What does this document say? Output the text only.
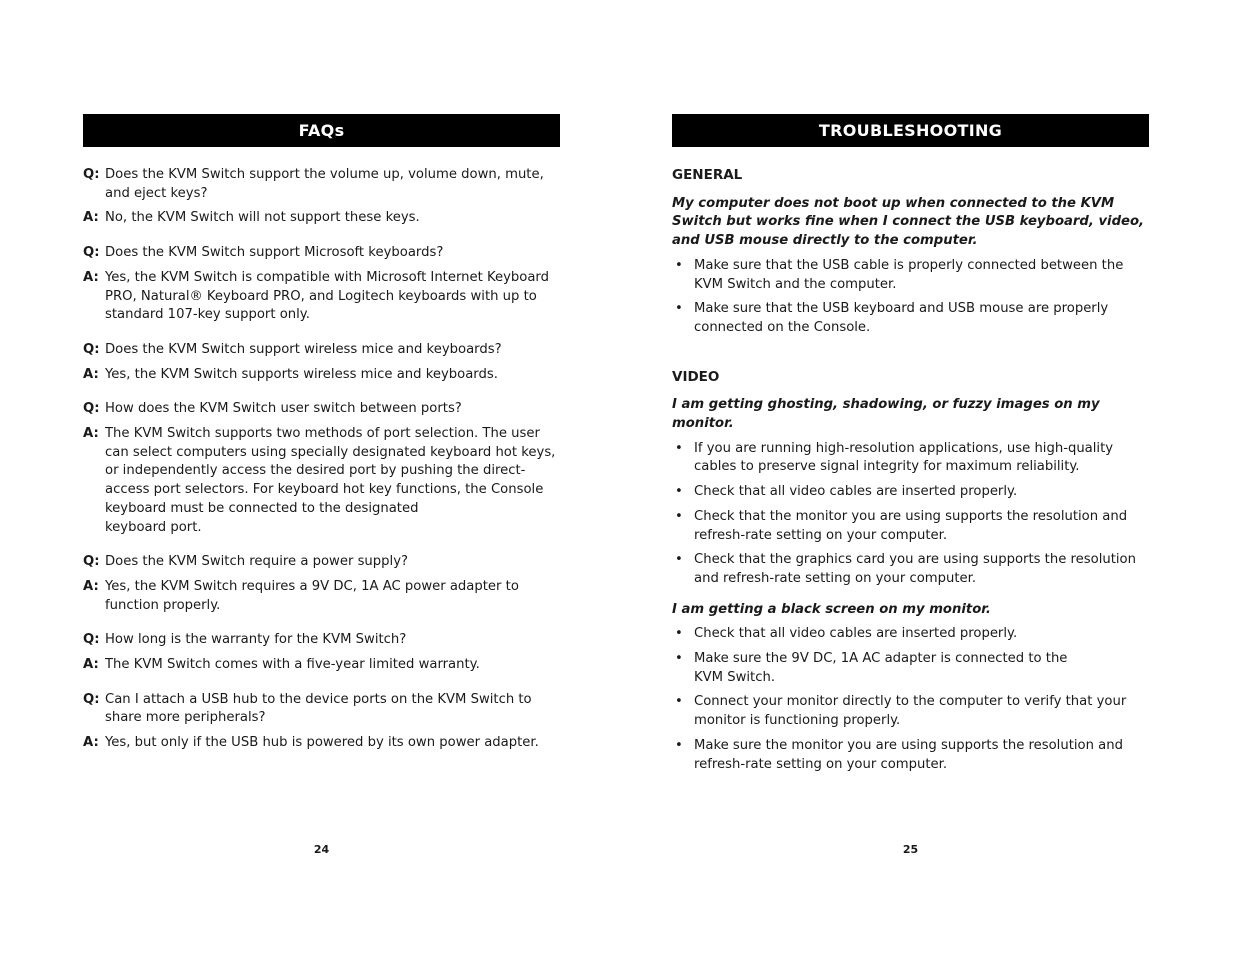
FAQs
Q: Does the KVM Switch support the volume up, volume down, mute, and eject keys?
A: No, the KVM Switch will not support these keys.
Q: Does the KVM Switch support Microsoft keyboards?
A: Yes, the KVM Switch is compatible with Microsoft Internet Keyboard PRO, Natural® Keyboard PRO, and Logitech keyboards with up to standard 107-key support only.
Q: Does the KVM Switch support wireless mice and keyboards?
A: Yes, the KVM Switch supports wireless mice and keyboards.
Q: How does the KVM Switch user switch between ports?
A: The KVM Switch supports two methods of port selection. The user can select computers using specially designated keyboard hot keys, or independently access the desired port by pushing the direct-access port selectors. For keyboard hot key functions, the Console keyboard must be connected to the designated
keyboard port.
Q: Does the KVM Switch require a power supply?
A: Yes, the KVM Switch requires a 9V DC, 1A AC power adapter to function properly.
Q: How long is the warranty for the KVM Switch?
A: The KVM Switch comes with a five-year limited warranty.
Q: Can I attach a USB hub to the device ports on the KVM Switch to share more peripherals?
A: Yes, but only if the USB hub is powered by its own power adapter.
24
TROUBLESHOOTING
GENERAL
My computer does not boot up when connected to the KVM Switch but works fine when I connect the USB keyboard, video, and USB mouse directly to the computer.
• Make sure that the USB cable is properly connected between the KVM Switch and the computer.
• Make sure that the USB keyboard and USB mouse are properly connected on the Console.
VIDEO
I am getting ghosting, shadowing, or fuzzy images on my monitor.
• If you are running high-resolution applications, use high-quality cables to preserve signal integrity for maximum reliability.
• Check that all video cables are inserted properly.
• Check that the monitor you are using supports the resolution and refresh-rate setting on your computer.
• Check that the graphics card you are using supports the resolution and refresh-rate setting on your computer.
I am getting a black screen on my monitor.
• Check that all video cables are inserted properly.
• Make sure the 9V DC, 1A AC adapter is connected to the
KVM Switch.
• Connect your monitor directly to the computer to verify that your monitor is functioning properly.
• Make sure the monitor you are using supports the resolution and refresh-rate setting on your computer.
25
